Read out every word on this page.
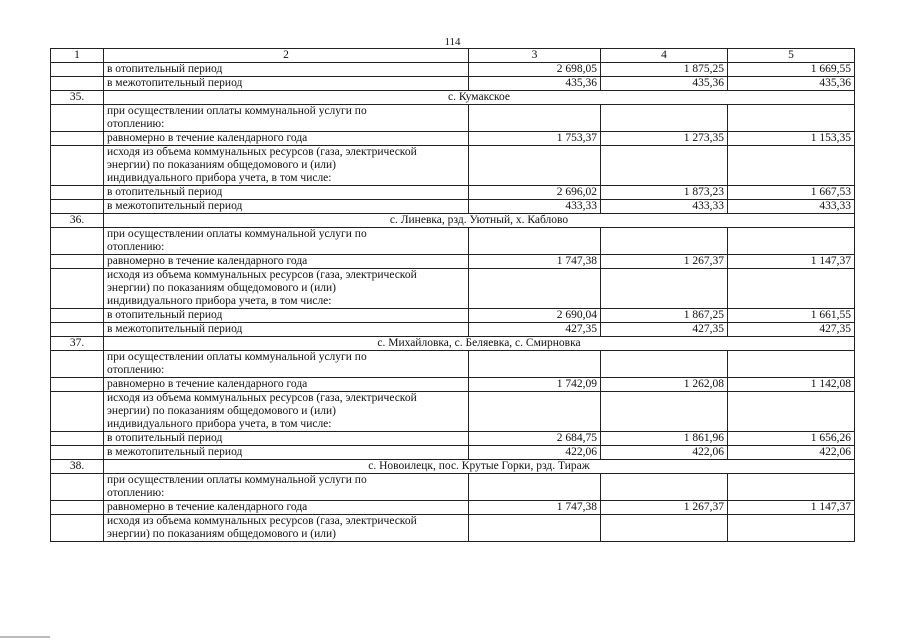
114
1	2	3	4	5
	в отопительный период	2 698,05	1 875,25	1 669,55
	в межотопительный период	435,36	435,36	435,36
35.	с. Кумакское			

	при осуществлении оплаты коммунальной услуги по
отоплению:			

	равномерно в течение календарного года	1 753,37	1 273,35	1 153,35

	исходя из объема коммунальных ресурсов (газа, электрической
энергии) по показаниям общедомового и (или)
индивидуального прибора учета, в том числе:			

	в отопительный период	2 696,02	1 873,23	1 667,53
	в межотопительный период	433,33	433,33	433,33
36.	с. Линевка, рзд. Уютный, х. Каблово			

	при осуществлении оплаты коммунальной услуги по
отоплению:			

	равномерно в течение календарного года	1 747,38	1 267,37	1 147,37

	исходя из объема коммунальных ресурсов (газа, электрической
энергии) по показаниям общедомового и (или)
индивидуального прибора учета, в том числе:			

	в отопительный период	2 690,04	1 867,25	1 661,55
	в межотопительный период	427,35	427,35	427,35
37.	с. Михайловка, с. Беляевка, с. Смирновка			

	при осуществлении оплаты коммунальной услуги по
отоплению:			

	равномерно в течение календарного года	1 742,09	1 262,08	1 142,08

	исходя из объема коммунальных ресурсов (газа, электрической
энергии) по показаниям общедомового и (или)
индивидуального прибора учета, в том числе:			

	в отопительный период	2 684,75	1 861,96	1 656,26
	в межотопительный период	422,06	422,06	422,06
38.	с. Новоилецк, пос. Крутые Горки, рзд. Тираж			

	при осуществлении оплаты коммунальной услуги по
отоплению:			

	равномерно в течение календарного года	1 747,38	1 267,37	1 147,37

	исходя из объема коммунальных ресурсов (газа, электрической
энергии) по показаниям общедомового и (или)			
